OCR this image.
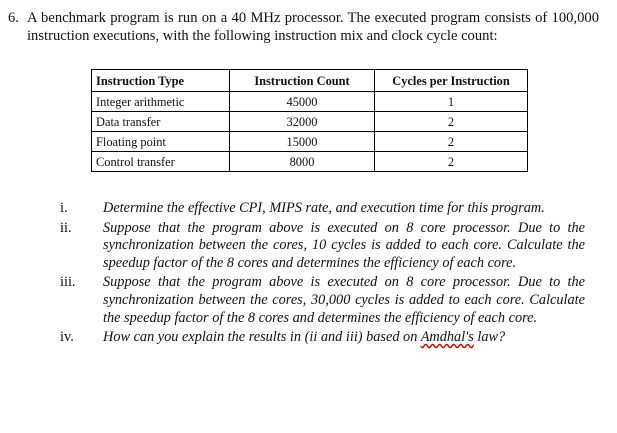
6. A benchmark program is run on a 40 MHz processor. The executed program consists of 100,000 instruction executions, with the following instruction mix and clock cycle count:
Instruction Type	Instruction Count	Cycles per Instruction
Integer arithmetic	45000	1
Data transfer	32000	2
Floating point	15000	2
Control transfer	8000	2
i.	Determine the effective CPI, MIPS rate, and execution time for this program.
ii.	Suppose that the program above is executed on 8 core processor. Due to the synchronization between the cores, 10 cycles is added to each core. Calculate the speedup factor of the 8 cores and determines the efficiency of each core.
iii.	Suppose that the program above is executed on 8 core processor. Due to the synchronization between the cores, 30,000 cycles is added to each core. Calculate the speedup factor of the 8 cores and determines the efficiency of each core.
iv.	How can you explain the results in (ii and iii) based on Amdhal's law?
